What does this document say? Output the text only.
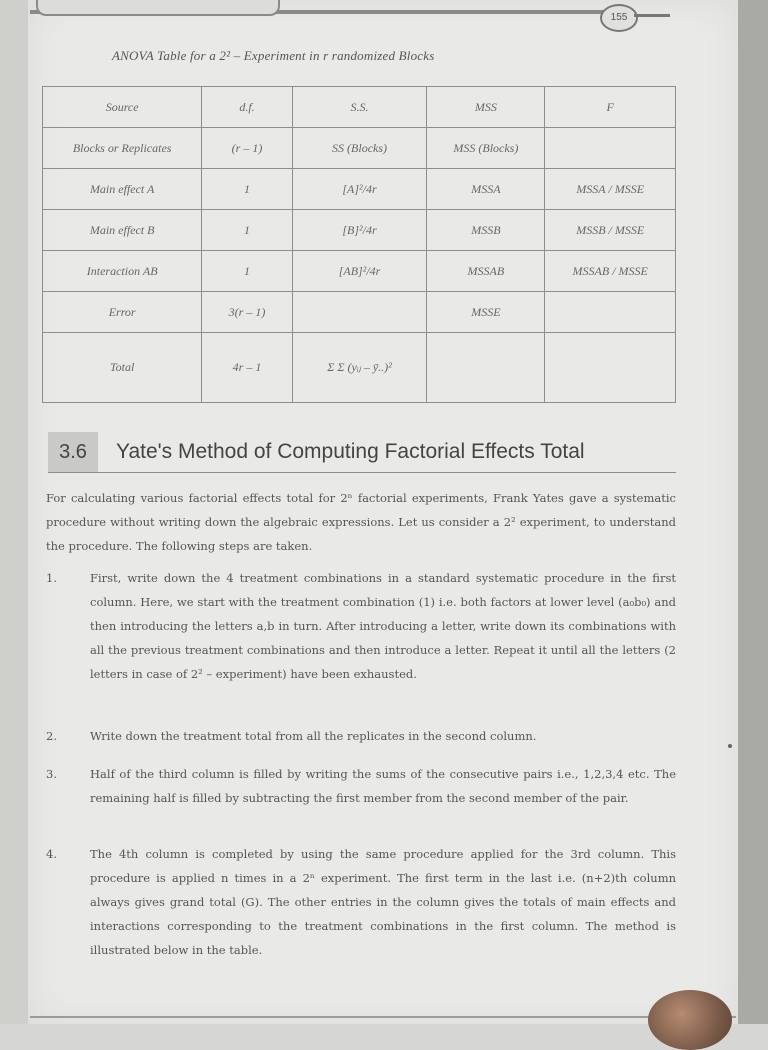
155
ANOVA Table for a 2² – Experiment in r randomized Blocks
Source	d.f.	S.S.	MSS	F
Blocks or Replicates	(r – 1)	SS (Blocks)	MSS (Blocks)	
Main effect A	1	[A]²/4r	MSSA	MSSA / MSSE
Main effect B	1	[B]²/4r	MSSB	MSSB / MSSE
Interaction AB	1	[AB]²/4r	MSSAB	MSSAB / MSSE
Error	3(r – 1)		MSSE	
Total	4r – 1	Σ Σ (yᵢⱼ – ȳ..)²		
3.6	Yate's Method of Computing Factorial Effects Total
For calculating various factorial effects total for 2ⁿ factorial experiments, Frank Yates gave a systematic procedure without writing down the algebraic expressions. Let us consider a 2² experiment, to understand the procedure. The following steps are taken.
1.	First, write down the 4 treatment combinations in a standard systematic procedure in the first column. Here, we start with the treatment combination (1) i.e. both factors at lower level (a₀b₀) and then introducing the letters a,b in turn. After introducing a letter, write down its combinations with all the previous treatment combinations and then introduce a letter. Repeat it until all the letters (2 letters in case of 2² – experiment) have been exhausted.
2.	Write down the treatment total from all the replicates in the second column.
3.	Half of the third column is filled by writing the sums of the consecutive pairs i.e., 1,2,3,4 etc. The remaining half is filled by subtracting the first member from the second member of the pair.
4.	The 4th column is completed by using the same procedure applied for the 3rd column. This procedure is applied n times in a 2ⁿ experiment. The first term in the last i.e. (n+2)th column always gives grand total (G). The other entries in the column gives the totals of main effects and interactions corresponding to the treatment combinations in the first column. The method is illustrated below in the table.
